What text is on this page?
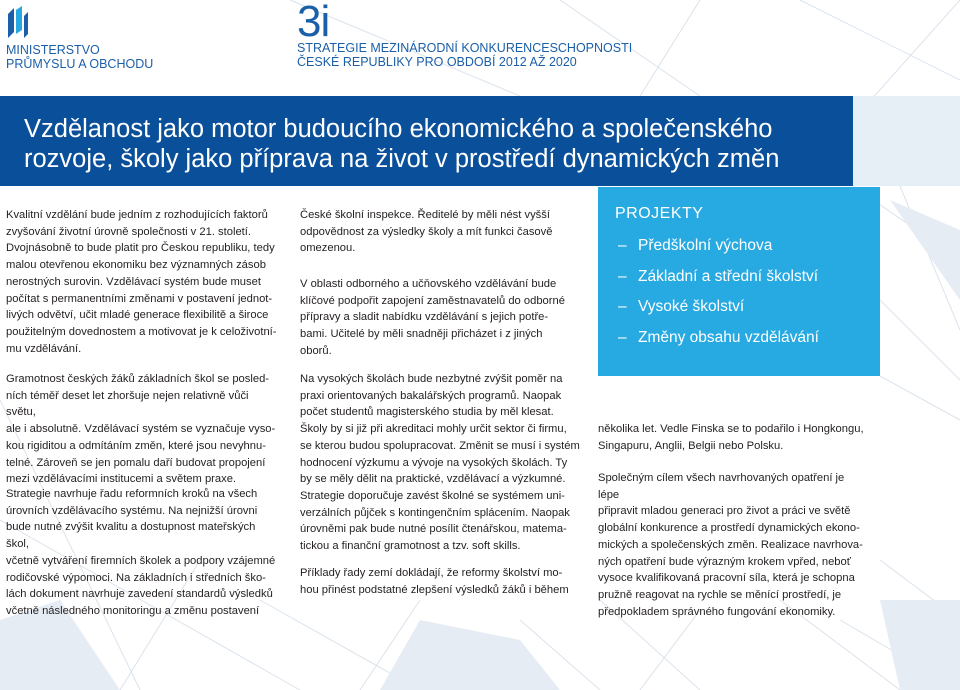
MINISTERSTVO
PRŮMYSLU A OBCHODU
3i
STRATEGIE MEZINÁRODNÍ KONKURENCESCHOPNOSTI
ČESKÉ REPUBLIKY PRO OBDOBÍ 2012 AŽ 2020
Vzdělanost jako motor budoucího ekonomického a společenského
rozvoje, školy jako příprava na život v prostředí dynamických změn

Kvalitní vzdělání bude jedním z rozhodujících faktorů

zvyšování životní úrovně společnosti v 21. století.

Dvojnásobně to bude platit pro Českou republiku, tedy

malou otevřenou ekonomiku bez významných zásob

nerostných surovin. Vzdělávací systém bude muset

počítat s permanentními změnami v postavení jednot-

livých odvětví, učit mladé generace flexibilitě a široce

použitelným dovednostem a motivovat je k celoživotní-

mu vzdělávání.

Gramotnost českých žáků základních škol se posled-

ních téměř deset let zhoršuje nejen relativně vůči světu,

ale i absolutně. Vzdělávací systém se vyznačuje vyso-

kou rigiditou a odmítáním změn, které jsou nevyhnu-

telné. Zároveň se jen pomalu daří budovat propojení

mezi vzdělávacími institucemi a světem praxe.

Strategie navrhuje řadu reformních kroků na všech

úrovních vzdělávacího systému. Na nejnižší úrovni

bude nutné zvýšit kvalitu a dostupnost mateřských škol,

včetně vytváření firemních školek a podpory vzájemné

rodičovské výpomoci. Na základních i středních ško-

lách dokument navrhuje zavedení standardů výsledků

včetně následného monitoringu a změnu postavení

České školní inspekce. Ředitelé by měli nést vyšší

odpovědnost za výsledky školy a mít funkci časově

omezenou.

V oblasti odborného a učňovského vzdělávání bude

klíčové podpořit zapojení zaměstnavatelů do odborné

přípravy a sladit nabídku vzdělávání s jejich potře-

bami. Učitelé by měli snadněji přicházet i z jiných

oborů.

Na vysokých školách bude nezbytné zvýšit poměr na

praxi orientovaných bakalářských programů. Naopak

počet studentů magisterského studia by měl klesat.

Školy by si již při akreditaci mohly určit sektor či firmu,

se kterou budou spolupracovat. Změnit se musí i systém

hodnocení výzkumu a vývoje na vysokých školách. Ty

by se měly dělit na praktické, vzdělávací a výzkumné.

Strategie doporučuje zavést školné se systémem uni-

verzálních půjček s kontingenčním splácením. Naopak

úrovněmi pak bude nutné posílit čtenářskou, matema-

tickou a finanční gramotnost a tzv. soft skills.

Příklady řady zemí dokládají, že reformy školství mo-

hou přinést podstatné zlepšení výsledků žáků i během

PROJEKTY
– Předškolní výchova
– Základní a střední školství
– Vysoké školství
– Změny obsahu vzdělávání

několika let. Vedle Finska se to podařilo i Hongkongu,

Singapuru, Anglii, Belgii nebo Polsku.

Společným cílem všech navrhovaných opatření je lépe

připravit mladou generaci pro život a práci ve světě

globální konkurence a prostředí dynamických ekono-

mických a společenských změn. Realizace navrhova-

ných opatření bude výrazným krokem vpřed, neboť

vysoce kvalifikovaná pracovní síla, která je schopna

pružně reagovat na rychle se měnící prostředí, je

předpokladem správného fungování ekonomiky.
